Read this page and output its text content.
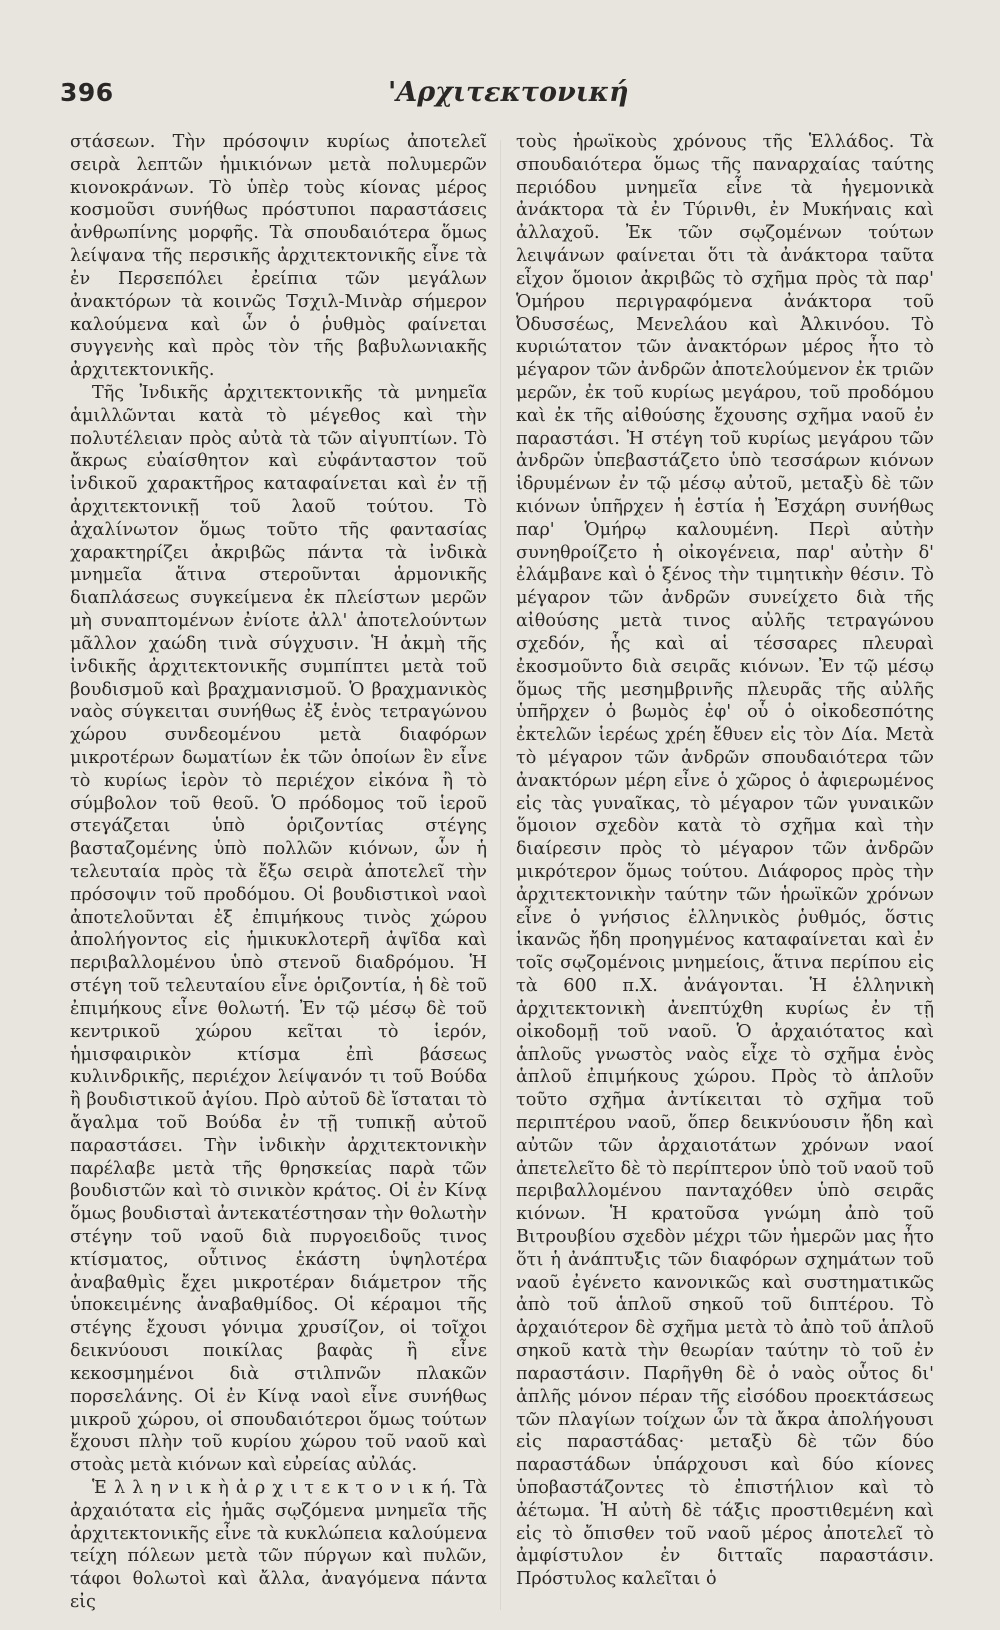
396	'Αρχιτεκτονική

στάσεων. Τὴν πρόσοψιν κυρίως ἀποτελεῖ σειρὰ λεπτῶν ἡμικιόνων μετὰ πολυμερῶν κιονοκράνων. Τὸ ὑπὲρ τοὺς κίονας μέρος κοσμοῦσι συνήθως πρόστυποι παραστάσεις ἀνθρωπίνης μορφῆς. Τὰ σπουδαιότερα ὅμως λείψανα τῆς περσικῆς ἀρχιτεκτονικῆς εἶνε τὰ ἐν Περσεπόλει ἐρείπια τῶν μεγάλων ἀνακτόρων τὰ κοινῶς Τσχιλ-Μινὰρ σήμερον καλούμενα καὶ ὧν ὁ ῥυθμὸς φαίνεται συγγενὴς καὶ πρὸς τὸν τῆς βαβυλωνιακῆς ἀρχιτεκτονικῆς.

Τῆς Ἰνδικῆς ἀρχιτεκτονικῆς τὰ μνημεῖα ἁμιλλῶνται κατὰ τὸ μέγεθος καὶ τὴν πολυτέλειαν πρὸς αὐτὰ τὰ τῶν αἰγυπτίων. Τὸ ἄκρως εὐαίσθητον καὶ εὐφάνταστον τοῦ ἰνδικοῦ χαρακτῆρος καταφαίνεται καὶ ἐν τῇ ἀρχιτεκτονικῇ τοῦ λαοῦ τούτου. Τὸ ἀχαλίνωτον ὅμως τοῦτο τῆς φαντασίας χαρακτηρίζει ἀκριβῶς πάντα τὰ ἰνδικὰ μνημεῖα ἅτινα στεροῦνται ἁρμονικῆς διαπλάσεως συγκείμενα ἐκ πλείστων μερῶν μὴ συναπτομένων ἐνίοτε ἀλλ' ἀποτελούντων μᾶλλον χαώδη τινὰ σύγχυσιν. Ἡ ἀκμὴ τῆς ἰνδικῆς ἀρχιτεκτονικῆς συμπίπτει μετὰ τοῦ βουδισμοῦ καὶ βραχμανισμοῦ. Ὁ βραχμανικὸς ναὸς σύγκειται συνήθως ἐξ ἑνὸς τετραγώνου χώρου συνδεομένου μετὰ διαφόρων μικροτέρων δωματίων ἐκ τῶν ὁποίων ἓν εἶνε τὸ κυρίως ἱερὸν τὸ περιέχον εἰκόνα ἢ τὸ σύμβολον τοῦ θεοῦ. Ὁ πρόδομος τοῦ ἱεροῦ στεγάζεται ὑπὸ ὁριζοντίας στέγης βασταζομένης ὑπὸ πολλῶν κιόνων, ὧν ἡ τελευταία πρὸς τὰ ἔξω σειρὰ ἀποτελεῖ τὴν πρόσοψιν τοῦ προδόμου. Οἱ βουδιστικοὶ ναοὶ ἀποτελοῦνται ἐξ ἐπιμήκους τινὸς χώρου ἀπολήγοντος εἰς ἡμικυκλοτερῆ ἀψῖδα καὶ περιβαλλομένου ὑπὸ στενοῦ διαδρόμου. Ἡ στέγη τοῦ τελευταίου εἶνε ὁριζοντία, ἡ δὲ τοῦ ἐπιμήκους εἶνε θολωτή. Ἐν τῷ μέσῳ δὲ τοῦ κεντρικοῦ χώρου κεῖται τὸ ἱερόν, ἡμισφαιρικὸν κτίσμα ἐπὶ βάσεως κυλινδρικῆς, περιέχον λείψανόν τι τοῦ Βούδα ἢ βουδιστικοῦ ἁγίου. Πρὸ αὐτοῦ δὲ ἵσταται τὸ ἄγαλμα τοῦ Βούδα ἐν τῇ τυπικῇ αὐτοῦ παραστάσει. Τὴν ἰνδικὴν ἀρχιτεκτονικὴν παρέλαβε μετὰ τῆς θρησκείας παρὰ τῶν βουδιστῶν καὶ τὸ σινικὸν κράτος. Οἱ ἐν Κίνᾳ ὅμως βουδισταὶ ἀντεκατέστησαν τὴν θολωτὴν στέγην τοῦ ναοῦ διὰ πυργοειδοῦς τινος κτίσματος, οὗτινος ἑκάστη ὑψηλοτέρα ἀναβαθμὶς ἔχει μικροτέραν διάμετρον τῆς ὑποκειμένης ἀναβαθμίδος. Οἱ κέραμοι τῆς στέγης ἔχουσι γόνιμα χρυσίζον, οἱ τοῖχοι δεικνύουσι ποικίλας βαφὰς ἢ εἶνε κεκοσμημένοι διὰ στιλπνῶν πλακῶν πορσελάνης. Οἱ ἐν Κίνᾳ ναοὶ εἶνε συνήθως μικροῦ χώρου, οἱ σπουδαιότεροι ὅμως τούτων ἔχουσι πλὴν τοῦ κυρίου χώρου τοῦ ναοῦ καὶ στοὰς μετὰ κιόνων καὶ εὐρείας αὐλάς.

Ἑ λ λ η ν ι κ ὴ ἀ ρ χ ι τ ε κ τ ο ν ι κ ή. Τὰ ἀρχαιότατα εἰς ἡμᾶς σῳζόμενα μνημεῖα τῆς ἀρχιτεκτονικῆς εἶνε τὰ κυκλώπεια καλούμενα τείχη πόλεων μετὰ τῶν πύργων καὶ πυλῶν, τάφοι θολωτοὶ καὶ ἄλλα, ἀναγόμενα πάντα εἰς

τοὺς ἡρωϊκοὺς χρόνους τῆς Ἑλλάδος. Τὰ σπουδαιότερα ὅμως τῆς παναρχαίας ταύτης περιόδου μνημεῖα εἶνε τὰ ἡγεμονικὰ ἀνάκτορα τὰ ἐν Τύρινθι, ἐν Μυκήναις καὶ ἀλλαχοῦ. Ἐκ τῶν σῳζομένων τούτων λειψάνων φαίνεται ὅτι τὰ ἀνάκτορα ταῦτα εἶχον ὅμοιον ἀκριβῶς τὸ σχῆμα πρὸς τὰ παρ' Ὁμήρου περιγραφόμενα ἀνάκτορα τοῦ Ὀδυσσέως, Μενελάου καὶ Ἀλκινόου. Τὸ κυριώτατον τῶν ἀνακτόρων μέρος ἦτο τὸ μέγαρον τῶν ἀνδρῶν ἀποτελούμενον ἐκ τριῶν μερῶν, ἐκ τοῦ κυρίως μεγάρου, τοῦ προδόμου καὶ ἐκ τῆς αἰθούσης ἔχουσης σχῆμα ναοῦ ἐν παραστάσι. Ἡ στέγη τοῦ κυρίως μεγάρου τῶν ἀνδρῶν ὑπεβαστάζετο ὑπὸ τεσσάρων κιόνων ἱδρυμένων ἐν τῷ μέσῳ αὐτοῦ, μεταξὺ δὲ τῶν κιόνων ὑπῆρχεν ἡ ἑστία ἡ Ἐσχάρη συνήθως παρ' Ὁμήρῳ καλουμένη. Περὶ αὐτὴν συνηθροίζετο ἡ οἰκογένεια, παρ' αὐτὴν δ' ἐλάμβανε καὶ ὁ ξένος τὴν τιμητικὴν θέσιν. Τὸ μέγαρον τῶν ἀνδρῶν συνείχετο διὰ τῆς αἰθούσης μετὰ τινος αὐλῆς τετραγώνου σχεδόν, ἧς καὶ αἱ τέσσαρες πλευραὶ ἐκοσμοῦντο διὰ σειρᾶς κιόνων. Ἐν τῷ μέσῳ ὅμως τῆς μεσημβρινῆς πλευρᾶς τῆς αὐλῆς ὑπῆρχεν ὁ βωμὸς ἐφ' οὗ ὁ οἰκοδεσπότης ἐκτελῶν ἱερέως χρέη ἔθυεν εἰς τὸν Δία. Μετὰ τὸ μέγαρον τῶν ἀνδρῶν σπουδαιότερα τῶν ἀνακτόρων μέρη εἶνε ὁ χῶρος ὁ ἀφιερωμένος εἰς τὰς γυναῖκας, τὸ μέγαρον τῶν γυναικῶν ὅμοιον σχεδὸν κατὰ τὸ σχῆμα καὶ τὴν διαίρεσιν πρὸς τὸ μέγαρον τῶν ἀνδρῶν μικρότερον ὅμως τούτου. Διάφορος πρὸς τὴν ἀρχιτεκτονικὴν ταύτην τῶν ἡρωϊκῶν χρόνων εἶνε ὁ γνήσιος ἑλληνικὸς ῥυθμός, ὅστις ἱκανῶς ἤδη προηγμένος καταφαίνεται καὶ ἐν τοῖς σῳζομένοις μνημείοις, ἅτινα περίπου εἰς τὰ 600 π.Χ. ἀνάγονται. Ἡ ἑλληνικὴ ἀρχιτεκτονικὴ ἀνεπτύχθη κυρίως ἐν τῇ οἰκοδομῇ τοῦ ναοῦ. Ὁ ἀρχαιότατος καὶ ἁπλοῦς γνωστὸς ναὸς εἶχε τὸ σχῆμα ἑνὸς ἁπλοῦ ἐπιμήκους χώρου. Πρὸς τὸ ἁπλοῦν τοῦτο σχῆμα ἀντίκειται τὸ σχῆμα τοῦ περιπτέρου ναοῦ, ὅπερ δεικνύουσιν ἤδη καὶ αὐτῶν τῶν ἀρχαιοτάτων χρόνων ναοί ἀπετελεῖτο δὲ τὸ περίπτερον ὑπὸ τοῦ ναοῦ τοῦ περιβαλλομένου πανταχόθεν ὑπὸ σειρᾶς κιόνων. Ἡ κρατοῦσα γνώμη ἀπὸ τοῦ Βιτρουβίου σχεδὸν μέχρι τῶν ἡμερῶν μας ἦτο ὅτι ἡ ἀνάπτυξις τῶν διαφόρων σχημάτων τοῦ ναοῦ ἐγένετο κανονικῶς καὶ συστηματικῶς ἀπὸ τοῦ ἁπλοῦ σηκοῦ τοῦ διπτέρου. Τὸ ἀρχαιότερον δὲ σχῆμα μετὰ τὸ ἀπὸ τοῦ ἁπλοῦ σηκοῦ κατὰ τὴν θεωρίαν ταύτην τὸ τοῦ ἐν παραστάσιν. Παρῆγθη δὲ ὁ ναὸς οὗτος δι' ἁπλῆς μόνον πέραν τῆς εἰσόδου προεκτάσεως τῶν πλαγίων τοίχων ὧν τὰ ἄκρα ἀπολήγουσι εἰς παραστάδας· μεταξὺ δὲ τῶν δύο παραστάδων ὑπάρχουσι καὶ δύο κίονες ὑποβαστάζοντες τὸ ἐπιστήλιον καὶ τὸ ἀέτωμα. Ἡ αὐτὴ δὲ τάξις προστιθεμένη καὶ εἰς τὸ ὄπισθεν τοῦ ναοῦ μέρος ἀποτελεῖ τὸ ἀμφίστυλον ἐν διτταῖς παραστάσιν. Πρόστυλος καλεῖται ὁ
